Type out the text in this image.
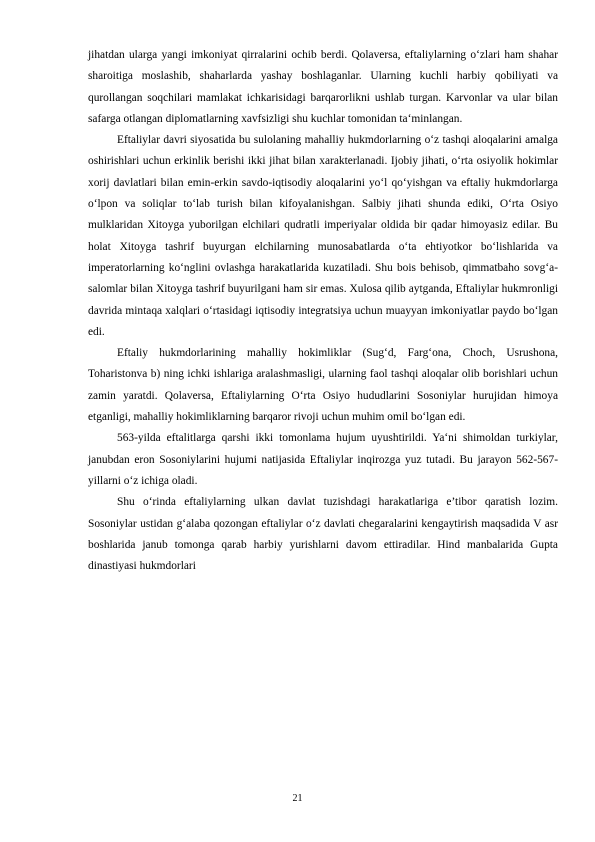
jihatdan ularga yangi imkoniyat qirralarini ochib berdi. Qolaversa, eftaliylarning oʻzlari ham shahar sharoitiga moslashib, shaharlarda yashay boshlaganlar. Ularning kuchli harbiy qobiliyati va qurollangan soqchilari mamlakat ichkarisidagi barqarorlikni ushlab turgan. Karvonlar va ular bilan safarga otlangan diplomatlarning xavfsizligi shu kuchlar tomonidan ta‘minlangan.

Eftaliylar davri siyosatida bu sulolaning mahalliy hukmdorlarning oʻz tashqi aloqalarini amalga oshirishlari uchun erkinlik berishi ikki jihat bilan xarakterlanadi. Ijobiy jihati, oʻrta osiyolik hokimlar xorij davlatlari bilan emin-erkin savdo-iqtisodiy aloqalarini yoʻl qoʻyishgan va eftaliy hukmdorlarga oʻlpon va soliqlar toʻlab turish bilan kifoyalanishgan. Salbiy jihati shunda ediki, Oʻrta Osiyo mulklaridan Xitoyga yuborilgan elchilari qudratli imperiyalar oldida bir qadar himoyasiz edilar. Bu holat Xitoyga tashrif buyurgan elchilarning munosabatlarda oʻta ehtiyotkor boʻlishlarida va imperatorlarning koʻnglini ovlashga harakatlarida kuzatiladi. Shu bois behisob, qimmatbaho sovgʻa-salomlar bilan Xitoyga tashrif buyurilgani ham sir emas. Xulosa qilib aytganda, Eftaliylar hukmronligi davrida mintaqa xalqlari oʻrtasidagi iqtisodiy integratsiya uchun muayyan imkoniyatlar paydo boʻlgan edi.

Eftaliy hukmdorlarining mahalliy hokimliklar (Sugʻd, Fargʻona, Choch, Usrushona, Toharistonva b) ning ichki ishlariga aralashmasligi, ularning faol tashqi aloqalar olib borishlari uchun zamin yaratdi. Qolaversa, Eftaliylarning Oʻrta Osiyo hududlarini Sosoniylar hurujidan himoya etganligi, mahalliy hokimliklarning barqaror rivoji uchun muhim omil boʻlgan edi.

563-yilda eftalitlarga qarshi ikki tomonlama hujum uyushtirildi. Ya‘ni shimoldan turkiylar, janubdan eron Sosoniylarini hujumi natijasida Eftaliylar inqirozga yuz tutadi. Bu jarayon 562-567-yillarni oʻz ichiga oladi.

Shu oʻrinda eftaliylarning ulkan davlat tuzishdagi harakatlariga e’tibor qaratish lozim. Sosoniylar ustidan gʻalaba qozongan eftaliylar oʻz davlati chegaralarini kengaytirish maqsadida V asr boshlarida janub tomonga qarab harbiy yurishlarni davom ettiradilar. Hind manbalarida Gupta dinastiyasi hukmdorlari

21
